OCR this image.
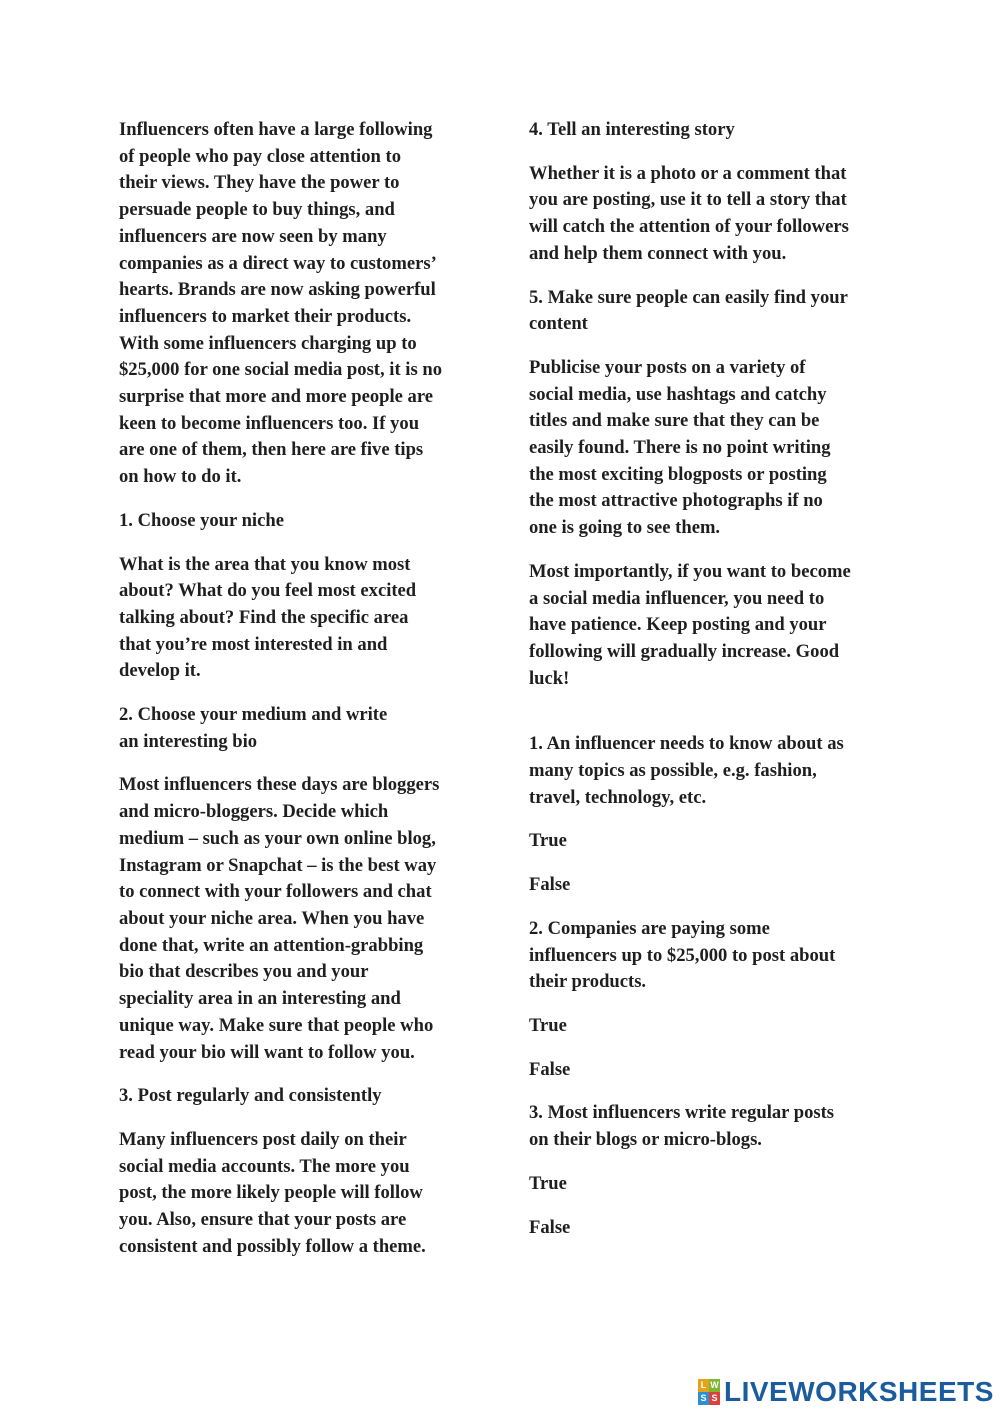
Influencers often have a large following
of people who pay close attention to
their views. They have the power to
persuade people to buy things, and
influencers are now seen by many
companies as a direct way to customers’
hearts. Brands are now asking powerful
influencers to market their products.
With some influencers charging up to
$25,000 for one social media post, it is no
surprise that more and more people are
keen to become influencers too. If you
are one of them, then here are five tips
on how to do it.

1. Choose your niche

What is the area that you know most
about? What do you feel most excited
talking about? Find the specific area
that you’re most interested in and
develop it.

2. Choose your medium and write
an interesting bio

Most influencers these days are bloggers
and micro-bloggers. Decide which
medium – such as your own online blog,
Instagram or Snapchat – is the best way
to connect with your followers and chat
about your niche area. When you have
done that, write an attention-grabbing
bio that describes you and your
speciality area in an interesting and
unique way. Make sure that people who
read your bio will want to follow you.

3. Post regularly and consistently

Many influencers post daily on their
social media accounts. The more you
post, the more likely people will follow
you. Also, ensure that your posts are
consistent and possibly follow a theme.

4. Tell an interesting story

Whether it is a photo or a comment that
you are posting, use it to tell a story that
will catch the attention of your followers
and help them connect with you.

5. Make sure people can easily find your
content

Publicise your posts on a variety of
social media, use hashtags and catchy
titles and make sure that they can be
easily found. There is no point writing
the most exciting blogposts or posting
the most attractive photographs if no
one is going to see them.

Most importantly, if you want to become
a social media influencer, you need to
have patience. Keep posting and your
following will gradually increase. Good
luck!

1. An influencer needs to know about as
many topics as possible, e.g. fashion,
travel, technology, etc.

True

False

2. Companies are paying some
influencers up to $25,000 to post about
their products.

True

False

3. Most influencers write regular posts
on their blogs or micro-blogs.

True

False

L W
S S LIVEWORKSHEETS
